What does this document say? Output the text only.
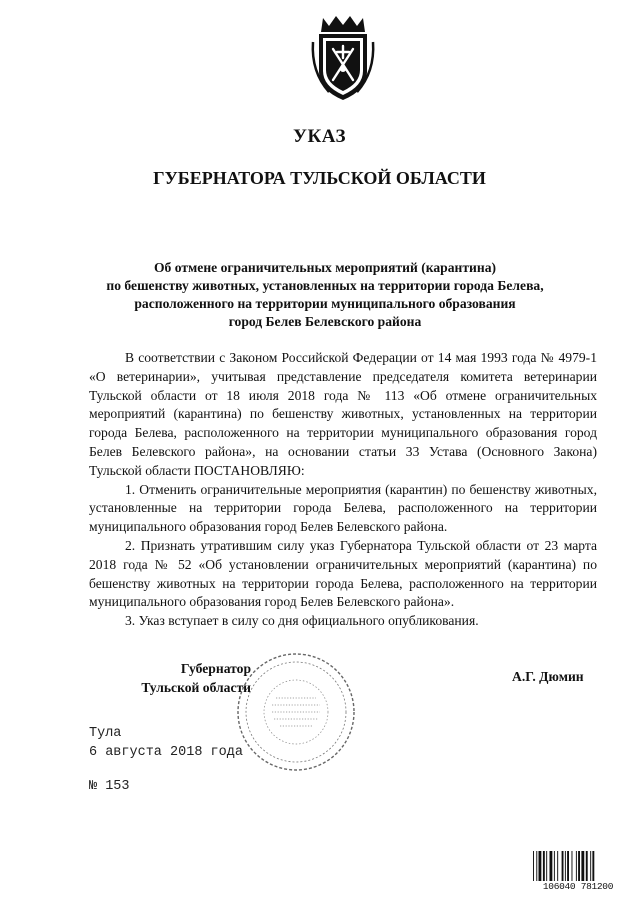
УКАЗ
ГУБЕРНАТОРА ТУЛЬСКОЙ ОБЛАСТИ
Об отмене ограничительных мероприятий (карантина)
по бешенству животных, установленных на территории города Белева,
расположенного на территории муниципального образования
город Белев Белевского района

В соответствии с Законом Российской Федерации от 14 мая 1993 года № 4979-1 «О ветеринарии», учитывая представление председателя комитета ветеринарии Тульской области от 18 июля 2018 года № 113 «Об отмене ограничительных мероприятий (карантина) по бешенству животных, установленных на территории города Белева, расположенного на территории муниципального образования город Белев Белевского района», на основании статьи 33 Устава (Основного Закона) Тульской области ПОСТАНОВЛЯЮ:

1. Отменить ограничительные мероприятия (карантин) по бешенству животных, установленные на территории города Белева, расположенного на территории муниципального образования город Белев Белевского района.

2. Признать утратившим силу указ Губернатора Тульской области от 23 марта 2018 года № 52 «Об установлении ограничительных мероприятий (карантина) по бешенству животных на территории города Белева, расположенного на территории муниципального образования город Белев Белевского района».

3. Указ вступает в силу со дня официального опубликования.

Губернатор
Тульской области
А.Г. Дюмин
Тула
6 августа 2018 года
№ 153
106040 781200
